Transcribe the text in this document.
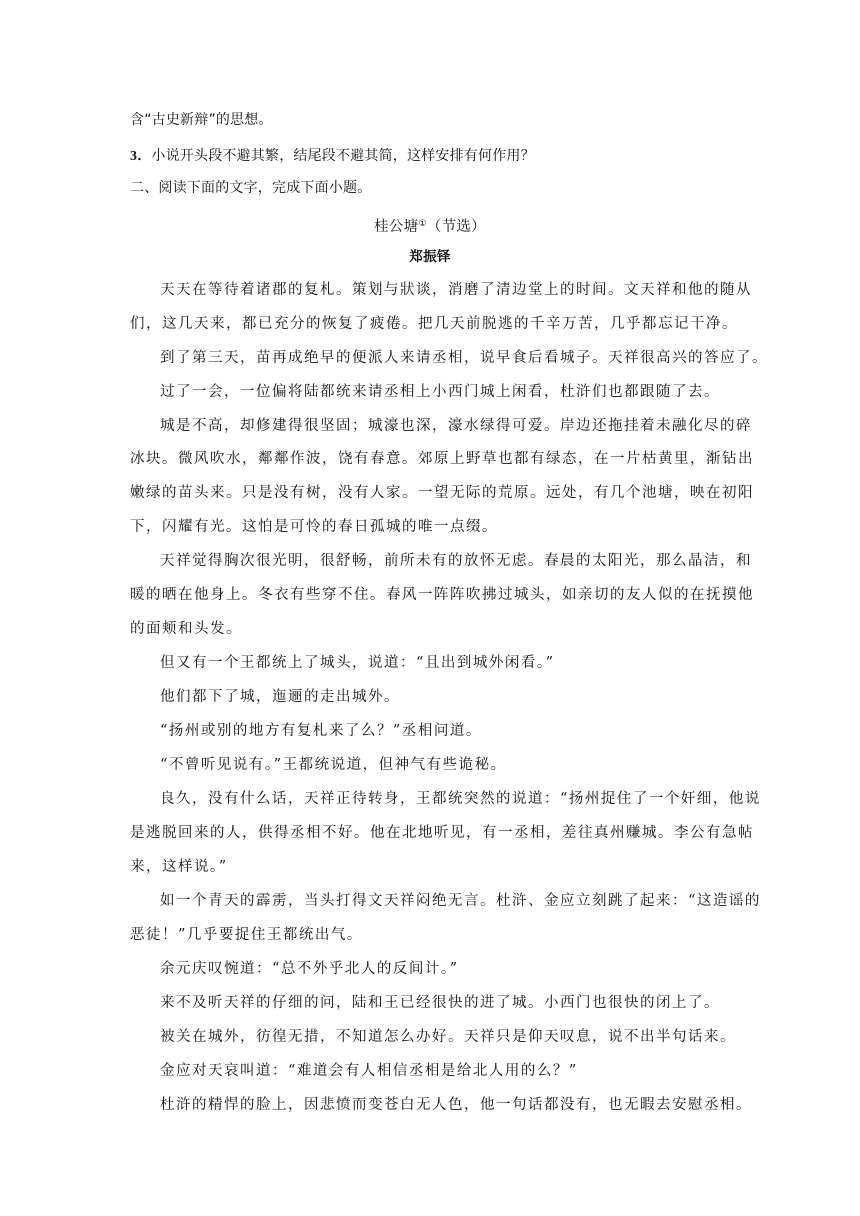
含“古史新辩”的思想。
3．小说开头段不避其繁，结尾段不避其简，这样安排有何作用？
二、阅读下面的文字，完成下面小题。
桂公塘①（节选）
郑振铎
天天在等待着诸郡的复札。策划与狀谈，消磨了清边堂上的时间。文天祥和他的随从
们，这几天来，都已充分的恢复了疲倦。把几天前脱逃的千辛万苦，几乎都忘记干净。
到了第三天，苗再成绝早的便派人来请丞相，说早食后看城子。天祥很高兴的答应了。
过了一会，一位偏将陆都统来请丞相上小西门城上闲看，杜浒们也都跟随了去。
城是不高，却修建得很坚固；城濠也深，濠水绿得可爱。岸边还拖挂着未融化尽的碎
冰块。微风吹水，鄰鄰作波，饶有春意。郊原上野草也都有绿态，在一片枯黄里，渐钻出
嫩绿的苗头来。只是没有树，没有人家。一望无际的荒原。远处，有几个池塘，映在初阳
下，闪耀有光。这怕是可怜的春日孤城的唯一点缀。
天祥觉得胸次很光明，很舒畅，前所未有的放怀无虑。春晨的太阳光，那么晶洁，和
暖的晒在他身上。冬衣有些穿不住。春风一阵阵吹拂过城头，如亲切的友人似的在抚摸他
的面颊和头发。
但又有一个王都统上了城头，说道：“且出到城外闲看。”
他们都下了城，迤逦的走出城外。
“扬州或别的地方有复札来了么？”丞相问道。
“不曾听见说有。”王都统说道，但神气有些诡秘。
良久，没有什么话，天祥正待转身，王都统突然的说道：“扬州捉住了一个奸细，他说
是逃脱回来的人，供得丞相不好。他在北地听见，有一丞相，差往真州赚城。李公有急帖
来，这样说。”
如一个青天的霹雳，当头打得文天祥闷绝无言。杜浒、金应立刻跳了起来：“这造谣的
恶徒！”几乎要捉住王都统出气。
余元庆叹惋道：“总不外乎北人的反间计。”
来不及听天祥的仔细的问，陆和王已经很快的进了城。小西门也很快的闭上了。
被关在城外，彷徨无措，不知道怎么办好。天祥只是仰天叹息，说不出半句话来。
金应对天哀叫道：“难道会有人相信丞相是给北人用的么？”
杜浒的精悍的脸上，因悲愤而变苍白无人色，他一句话都没有，也无暇去安慰丞相。
